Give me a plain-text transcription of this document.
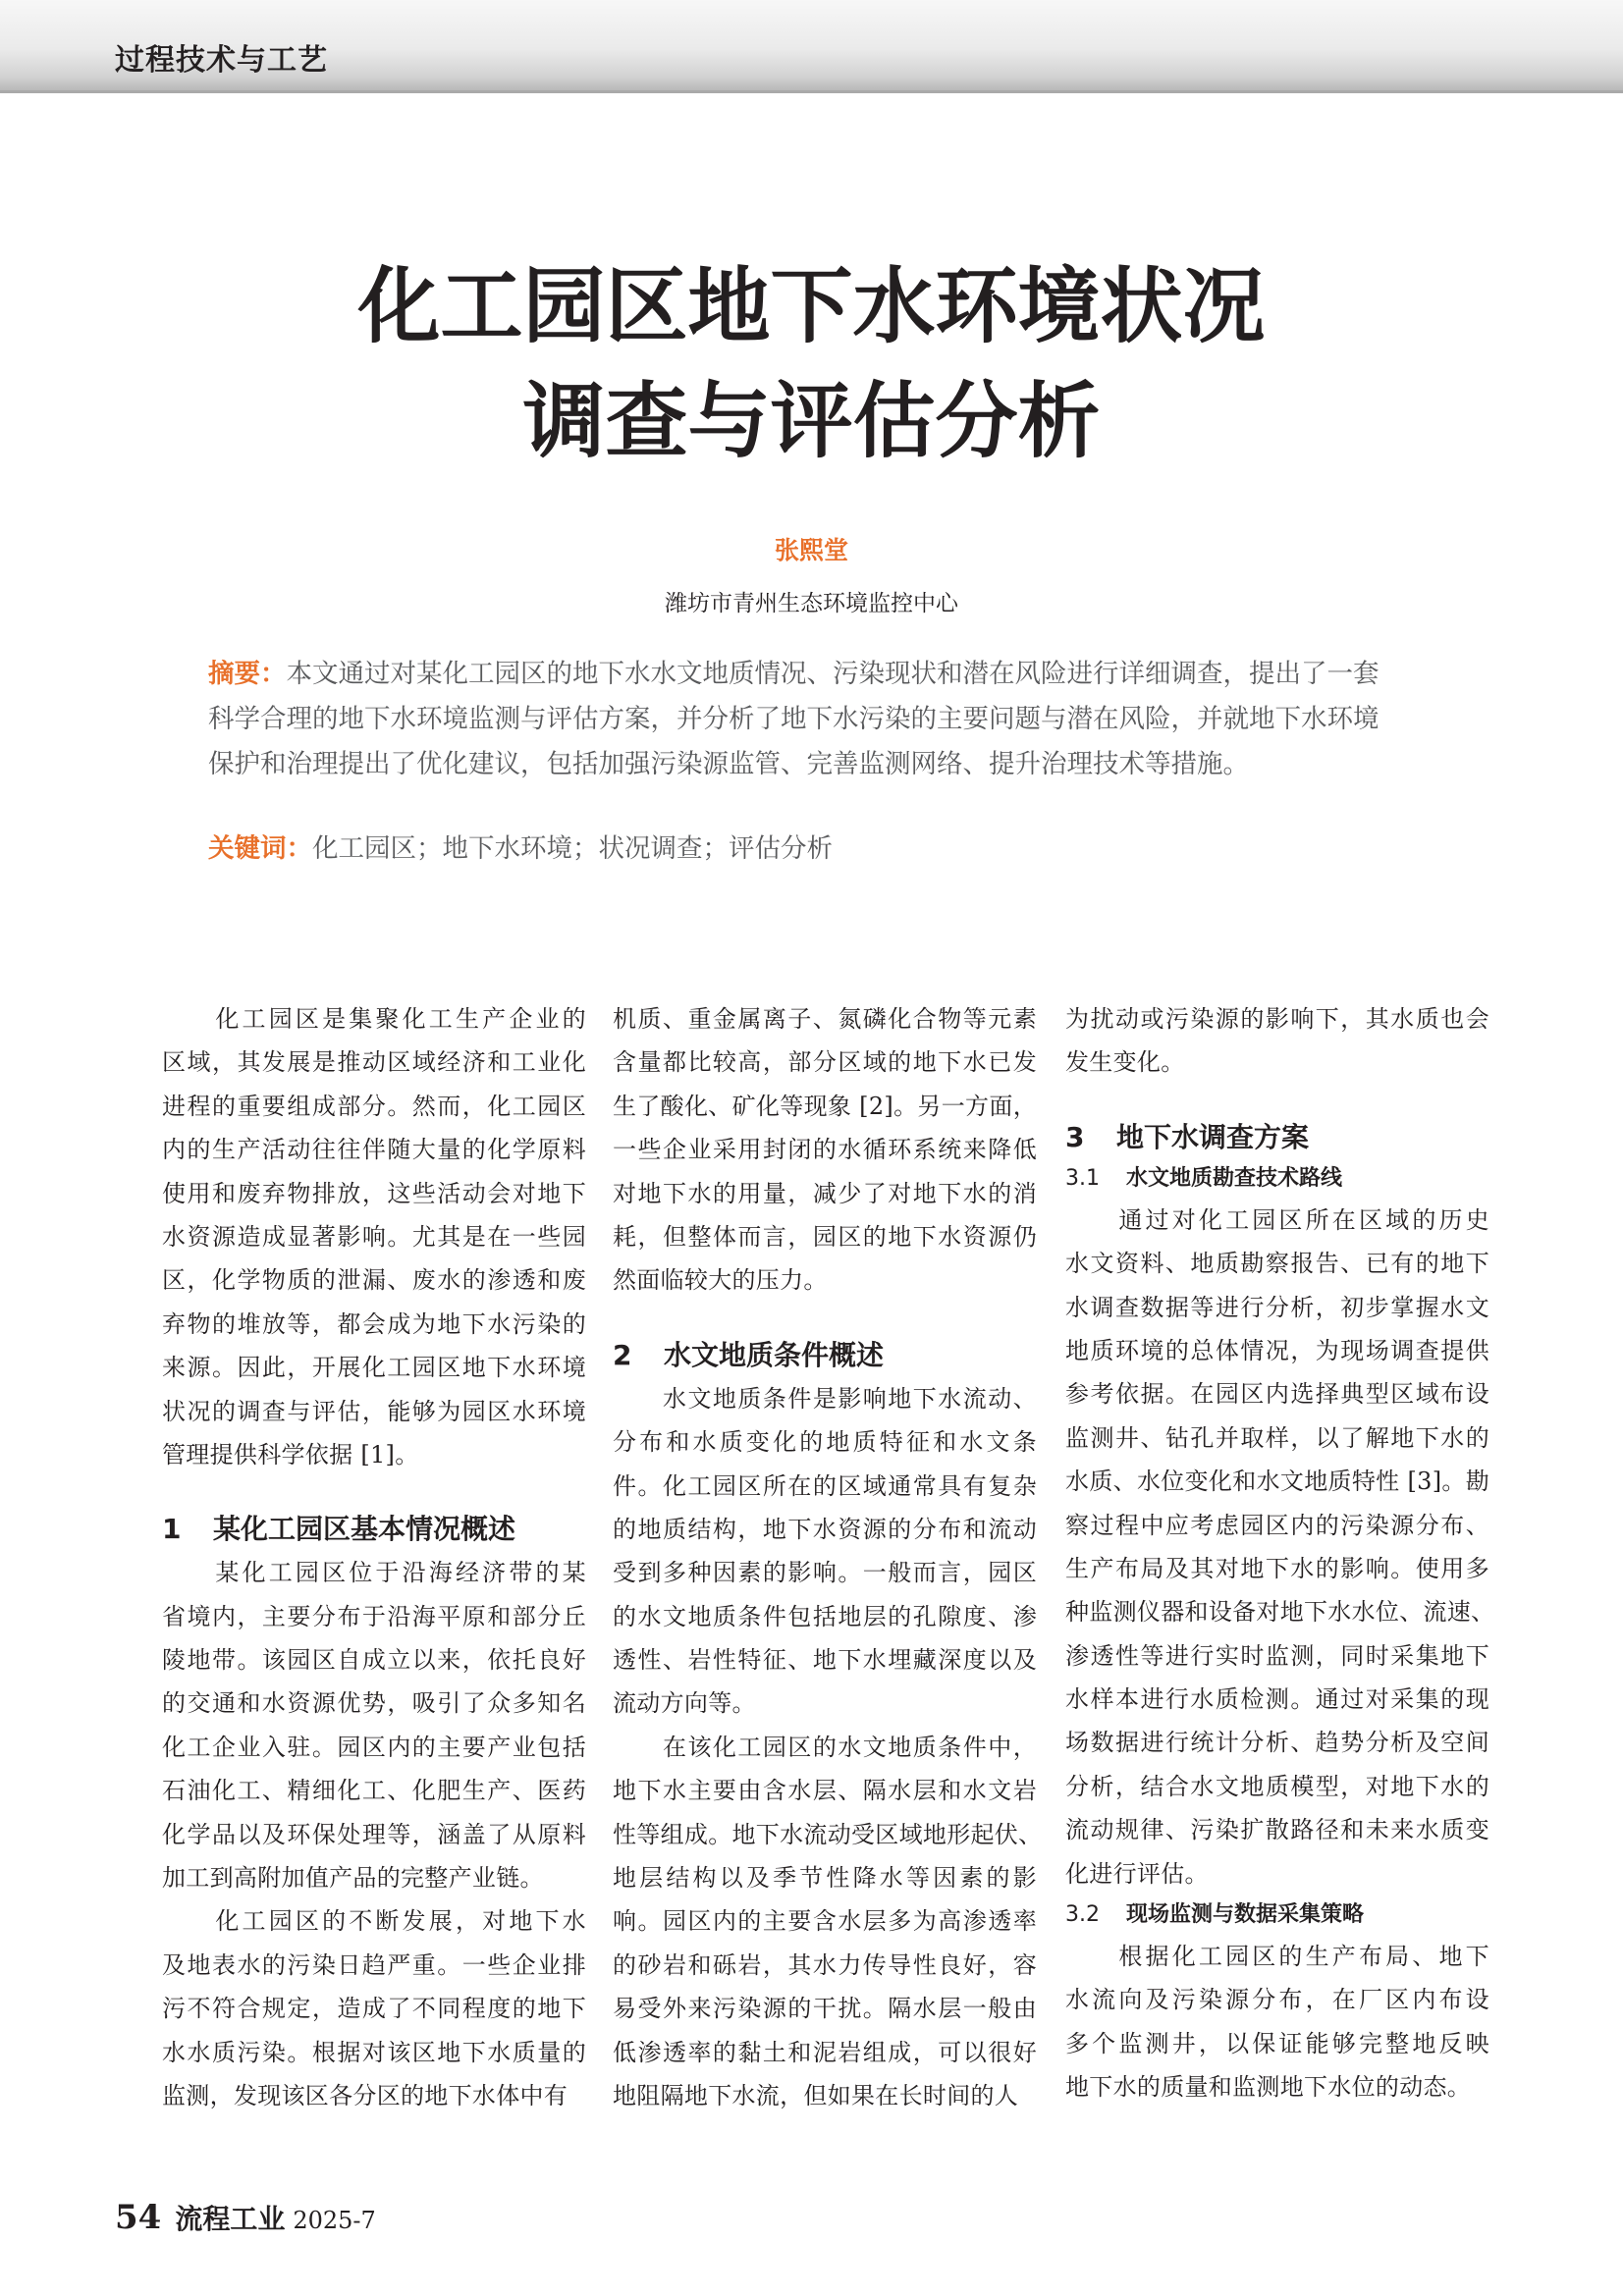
过程技术与工艺
化工园区地下水环境状况
调查与评估分析
张熙堂
潍坊市青州生态环境监控中心
摘要：本文通过对某化工园区的地下水水文地质情况、污染现状和潜在风险进行详细调查，提出了一套
科学合理的地下水环境监测与评估方案，并分析了地下水污染的主要问题与潜在风险，并就地下水环境
保护和治理提出了优化建议，包括加强污染源监管、完善监测网络、提升治理技术等措施。
关键词：化工园区；地下水环境；状况调查；评估分析
　　化工园区是集聚化工生产企业的
区域，其发展是推动区域经济和工业化
进程的重要组成部分。然而，化工园区
内的生产活动往往伴随大量的化学原料
使用和废弃物排放，这些活动会对地下
水资源造成显著影响。尤其是在一些园
区，化学物质的泄漏、废水的渗透和废
弃物的堆放等，都会成为地下水污染的
来源。因此，开展化工园区地下水环境
状况的调查与评估，能够为园区水环境
管理提供科学依据 [1]。
1 某化工园区基本情况概述
　　某化工园区位于沿海经济带的某
省境内，主要分布于沿海平原和部分丘
陵地带。该园区自成立以来，依托良好
的交通和水资源优势，吸引了众多知名
化工企业入驻。园区内的主要产业包括
石油化工、精细化工、化肥生产、医药
化学品以及环保处理等，涵盖了从原料
加工到高附加值产品的完整产业链。
　　化工园区的不断发展，对地下水
及地表水的污染日趋严重。一些企业排
污不符合规定，造成了不同程度的地下
水水质污染。根据对该区地下水质量的
监测，发现该区各分区的地下水体中有
机质、重金属离子、氮磷化合物等元素
含量都比较高，部分区域的地下水已发
生了酸化、矿化等现象 [2]。另一方面，
一些企业采用封闭的水循环系统来降低
对地下水的用量，减少了对地下水的消
耗，但整体而言，园区的地下水资源仍
然面临较大的压力。
2 水文地质条件概述
　　水文地质条件是影响地下水流动、
分布和水质变化的地质特征和水文条
件。化工园区所在的区域通常具有复杂
的地质结构，地下水资源的分布和流动
受到多种因素的影响。一般而言，园区
的水文地质条件包括地层的孔隙度、渗
透性、岩性特征、地下水埋藏深度以及
流动方向等。
　　在该化工园区的水文地质条件中，
地下水主要由含水层、隔水层和水文岩
性等组成。地下水流动受区域地形起伏、
地层结构以及季节性降水等因素的影
响。园区内的主要含水层多为高渗透率
的砂岩和砾岩，其水力传导性良好，容
易受外来污染源的干扰。隔水层一般由
低渗透率的黏土和泥岩组成，可以很好
地阻隔地下水流，但如果在长时间的人
为扰动或污染源的影响下，其水质也会
发生变化。
3 地下水调查方案
3.1 水文地质勘查技术路线
　　通过对化工园区所在区域的历史
水文资料、地质勘察报告、已有的地下
水调查数据等进行分析，初步掌握水文
地质环境的总体情况，为现场调查提供
参考依据。在园区内选择典型区域布设
监测井、钻孔并取样，以了解地下水的
水质、水位变化和水文地质特性 [3]。勘
察过程中应考虑园区内的污染源分布、
生产布局及其对地下水的影响。使用多
种监测仪器和设备对地下水水位、流速、
渗透性等进行实时监测，同时采集地下
水样本进行水质检测。通过对采集的现
场数据进行统计分析、趋势分析及空间
分析，结合水文地质模型，对地下水的
流动规律、污染扩散路径和未来水质变
化进行评估。
3.2 现场监测与数据采集策略
　　根据化工园区的生产布局、地下
水流向及污染源分布，在厂区内布设
多个监测井，以保证能够完整地反映
地下水的质量和监测地下水位的动态。
54 流程工业 2025-7
